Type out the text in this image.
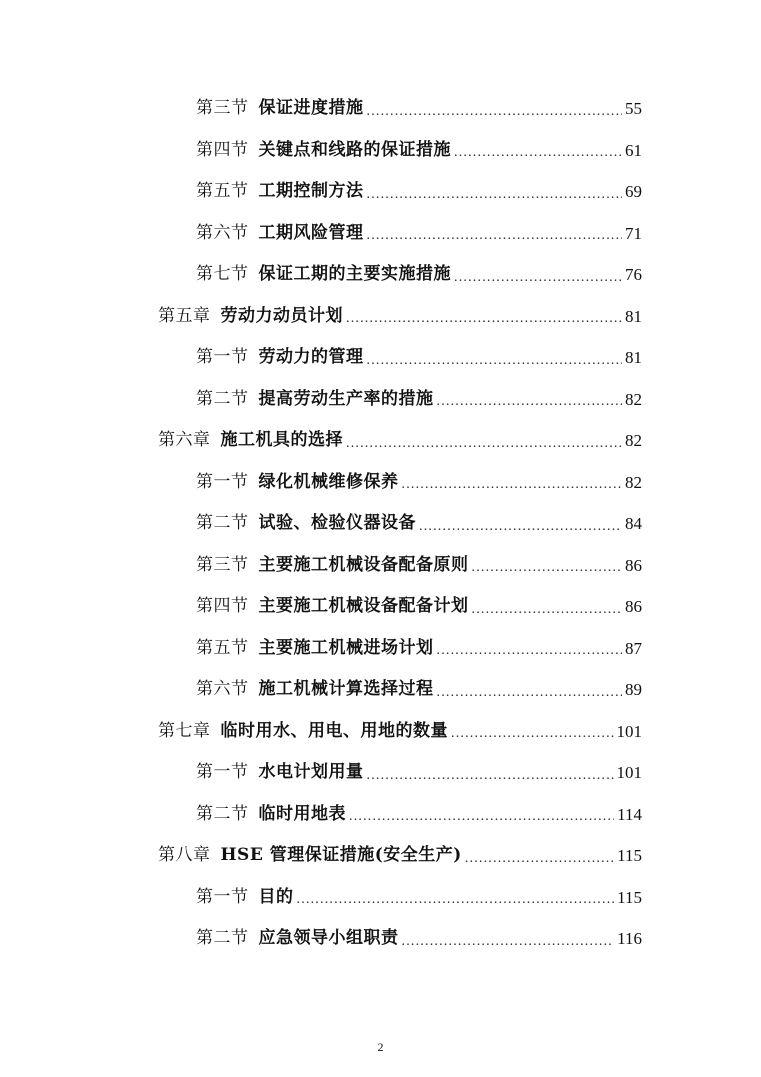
第三节 保证进度措施 .....	55
第四节 关键点和线路的保证措施 .....	61
第五节 工期控制方法 .....	69
第六节 工期风险管理 .....	71
第七节 保证工期的主要实施措施 .....	76
第五章 劳动力动员计划 .....	81
第一节 劳动力的管理 .....	81
第二节 提高劳动生产率的措施 .....	82
第六章 施工机具的选择 .....	82
第一节 绿化机械维修保养 .....	82
第二节 试验、检验仪器设备 .....	84
第三节 主要施工机械设备配备原则 .....	86
第四节 主要施工机械设备配备计划 .....	86
第五节 主要施工机械进场计划 .....	87
第六节 施工机械计算选择过程 .....	89
第七章 临时用水、用电、用地的数量 .....	101
第一节 水电计划用量 .....	101
第二节 临时用地表 .....	114
第八章 HSE 管理保证措施(安全生产) .....	115
第一节 目的 .....	115
第二节 应急领导小组职责 .....	116
2
